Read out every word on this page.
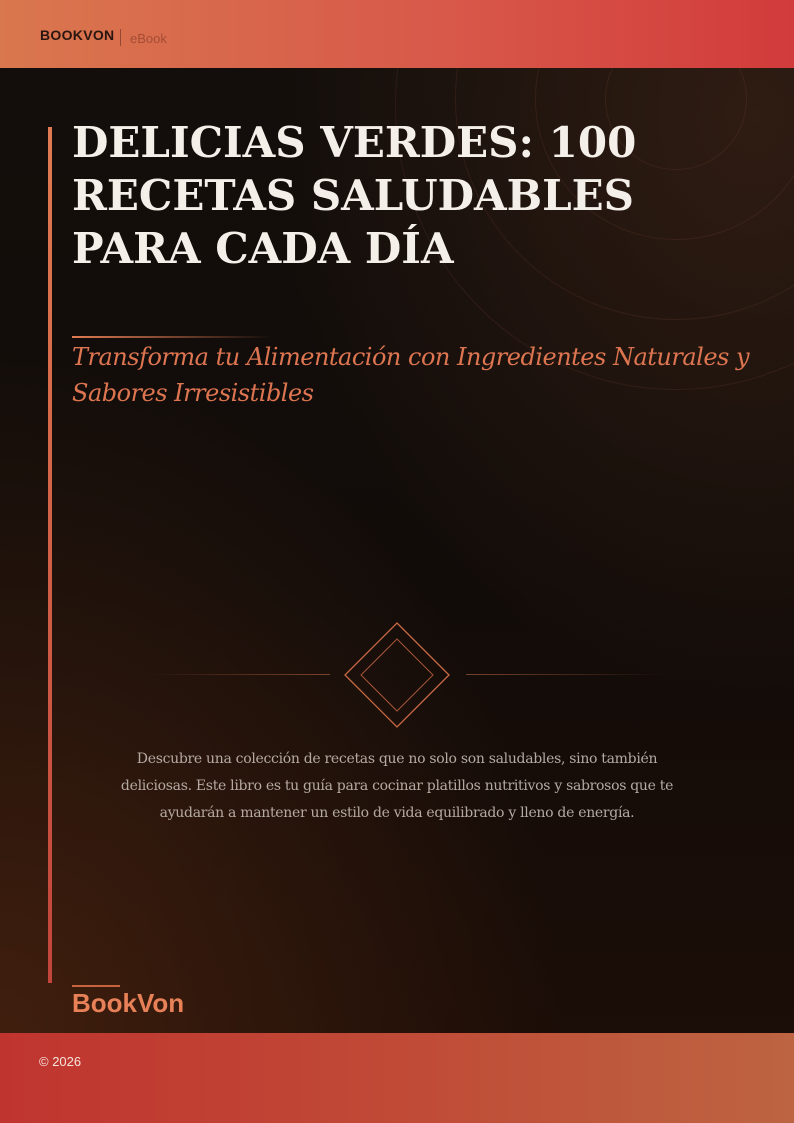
BOOKVON eBook
DELICIAS VERDES: 100 RECETAS SALUDABLES PARA CADA DÍA

Transforma tu Alimentación con Ingredientes Naturales y Sabores Irresistibles

Descubre una colección de recetas que no solo son saludables, sino también deliciosas. Este libro es tu guía para cocinar platillos nutritivos y sabrosos que te ayudarán a mantener un estilo de vida equilibrado y lleno de energía.

BookVon
© 2026
